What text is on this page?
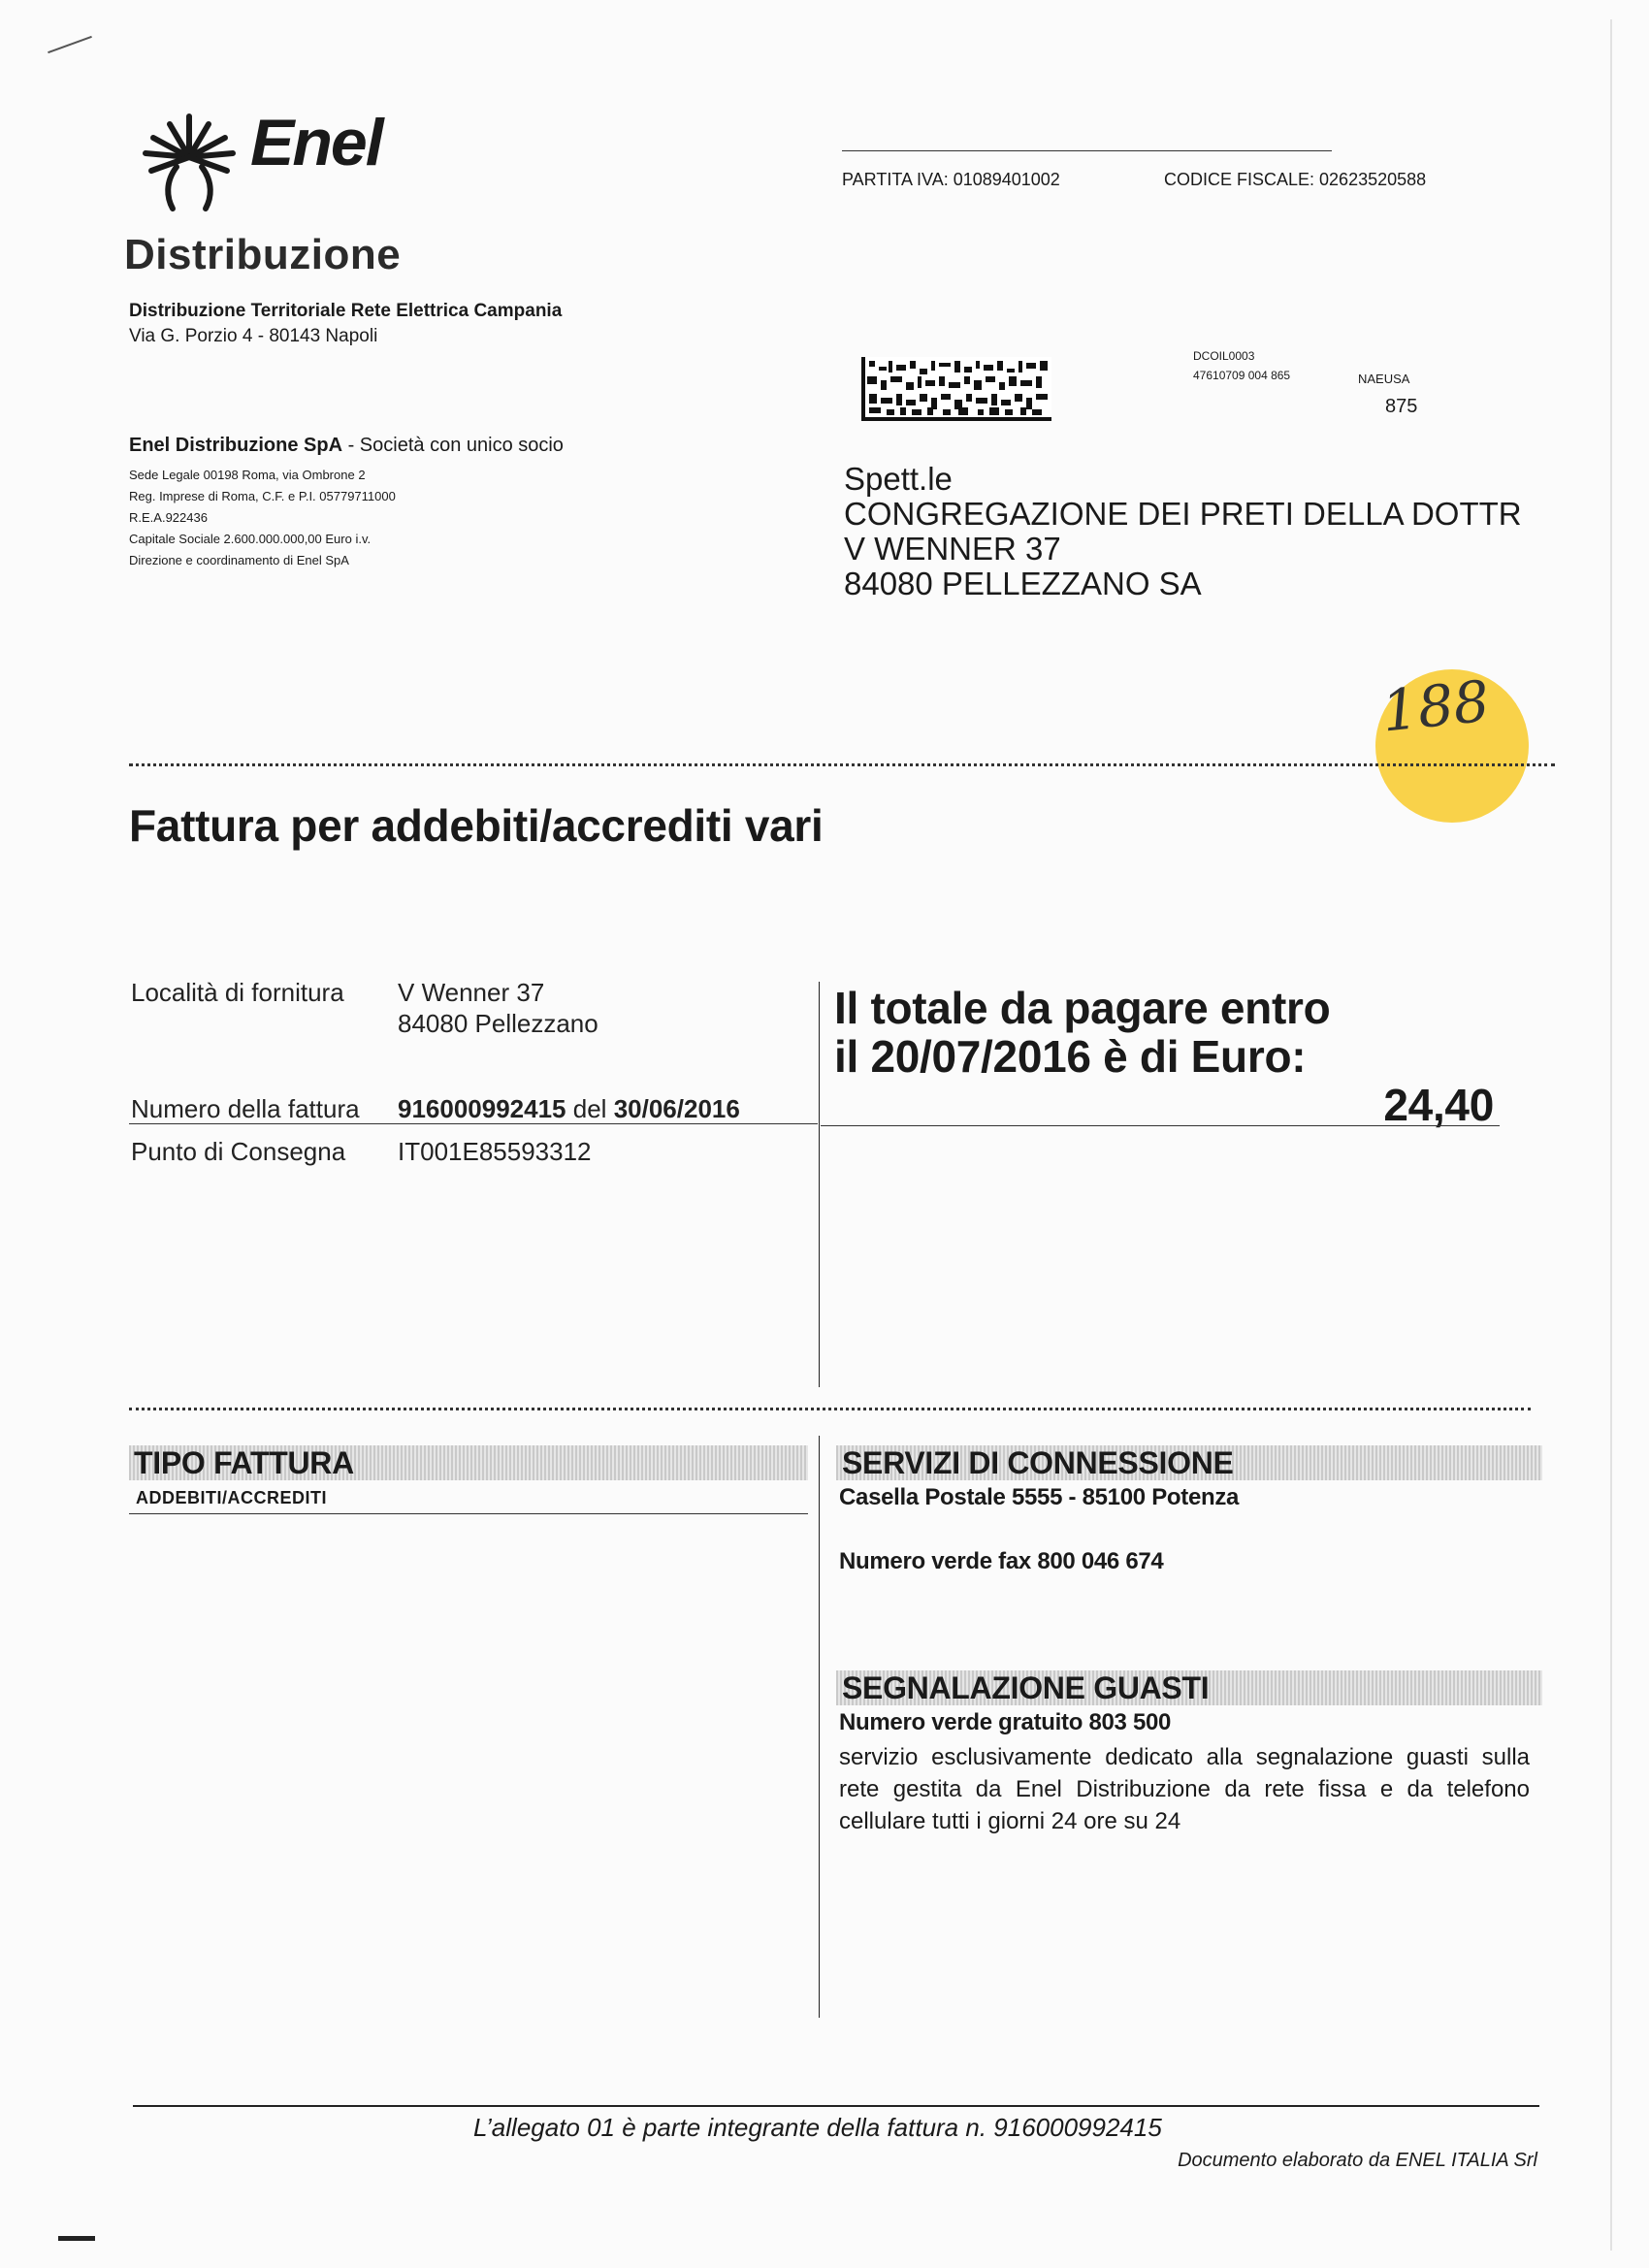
Enel
Distribuzione
Distribuzione Territoriale Rete Elettrica Campania
Via G. Porzio 4 - 80143 Napoli
Enel Distribuzione SpA - Società con unico socio
Sede Legale 00198 Roma, via Ombrone 2
Reg. Imprese di Roma, C.F. e P.I. 05779711000
R.E.A.922436
Capitale Sociale 2.600.000.000,00 Euro i.v.
Direzione e coordinamento di Enel SpA
PARTITA IVA: 01089401002	CODICE FISCALE: 02623520588
DCOIL0003
47610709 004 865	NAEUSA
875
Spett.le
CONGREGAZIONE DEI PRETI DELLA DOTTR
V WENNER 37
84080 PELLEZZANO SA
188
Fattura per addebiti/accrediti vari
Località di fornitura V Wenner 37
84080 Pellezzano
Numero della fattura 916000992415 del 30/06/2016
Punto di Consegna IT001E85593312
Il totale da pagare entro
il 20/07/2016 è di Euro:
24,40
TIPO FATTURA
ADDEBITI/ACCREDITI
SERVIZI DI CONNESSIONE
Casella Postale 5555 - 85100 Potenza
Numero verde fax 800 046 674
SEGNALAZIONE GUASTI
Numero verde gratuito 803 500
servizio esclusivamente dedicato alla segnalazione guasti sulla rete gestita da Enel Distribuzione da rete fissa e da telefono cellulare tutti i giorni 24 ore su 24
L’allegato 01 è parte integrante della fattura n. 916000992415
Documento elaborato da ENEL ITALIA Srl
